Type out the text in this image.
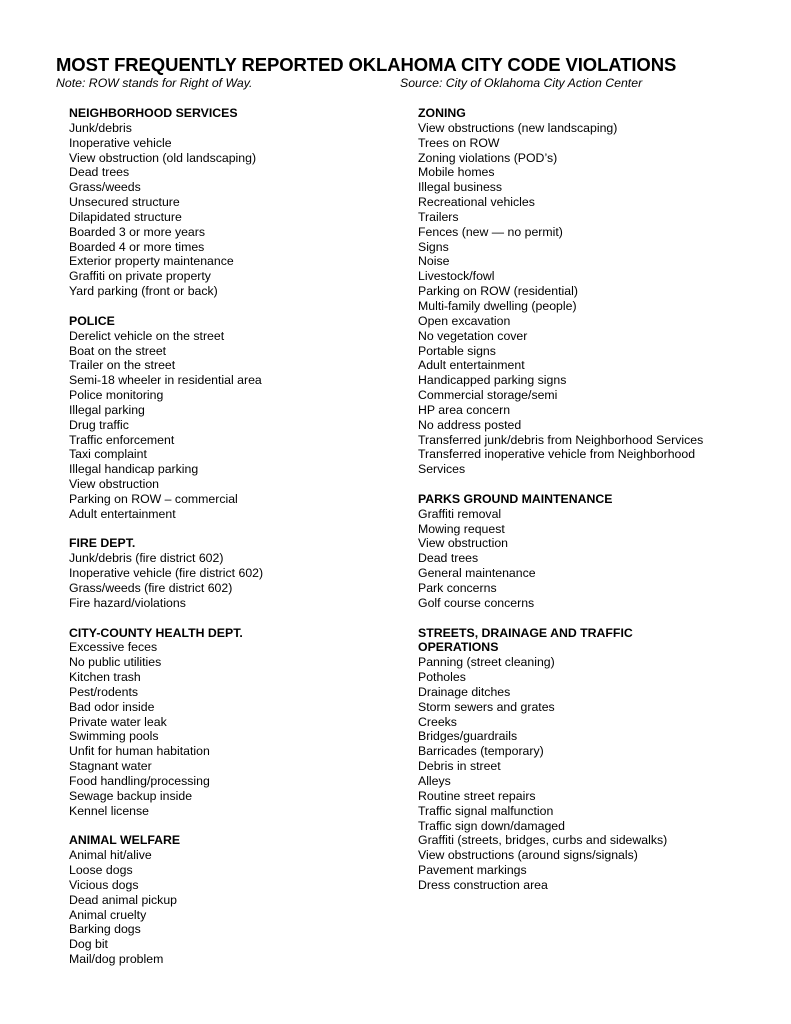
MOST FREQUENTLY REPORTED OKLAHOMA CITY CODE VIOLATIONS
Note: ROW stands for Right of Way.	Source: City of Oklahoma City Action Center
NEIGHBORHOOD SERVICES
Junk/debris
Inoperative vehicle
View obstruction (old landscaping)
Dead trees
Grass/weeds
Unsecured structure
Dilapidated structure
Boarded 3 or more years
Boarded 4 or more times
Exterior property maintenance
Graffiti on private property
Yard parking (front or back)
POLICE
Derelict vehicle on the street
Boat on the street
Trailer on the street
Semi-18 wheeler in residential area
Police monitoring
Illegal parking
Drug traffic
Traffic enforcement
Taxi complaint
Illegal handicap parking
View obstruction
Parking on ROW – commercial
Adult entertainment
FIRE DEPT.
Junk/debris (fire district 602)
Inoperative vehicle (fire district 602)
Grass/weeds (fire district 602)
Fire hazard/violations
CITY-COUNTY HEALTH DEPT.
Excessive feces
No public utilities
Kitchen trash
Pest/rodents
Bad odor inside
Private water leak
Swimming pools
Unfit for human habitation
Stagnant water
Food handling/processing
Sewage backup inside
Kennel license
ANIMAL WELFARE
Animal hit/alive
Loose dogs
Vicious dogs
Dead animal pickup
Animal cruelty
Barking dogs
Dog bit
Mail/dog problem
ZONING
View obstructions (new landscaping)
Trees on ROW
Zoning violations (POD’s)
Mobile homes
Illegal business
Recreational vehicles
Trailers
Fences (new — no permit)
Signs
Noise
Livestock/fowl
Parking on ROW (residential)
Multi-family dwelling (people)
Open excavation
No vegetation cover
Portable signs
Adult entertainment
Handicapped parking signs
Commercial storage/semi
HP area concern
No address posted
Transferred junk/debris from Neighborhood Services
Transferred inoperative vehicle from Neighborhood Services
PARKS GROUND MAINTENANCE
Graffiti removal
Mowing request
View obstruction
Dead trees
General maintenance
Park concerns
Golf course concerns
STREETS, DRAINAGE AND TRAFFIC OPERATIONS
Panning (street cleaning)
Potholes
Drainage ditches
Storm sewers and grates
Creeks
Bridges/guardrails
Barricades (temporary)
Debris in street
Alleys
Routine street repairs
Traffic signal malfunction
Traffic sign down/damaged
Graffiti (streets, bridges, curbs and sidewalks)
View obstructions (around signs/signals)
Pavement markings
Dress construction area
